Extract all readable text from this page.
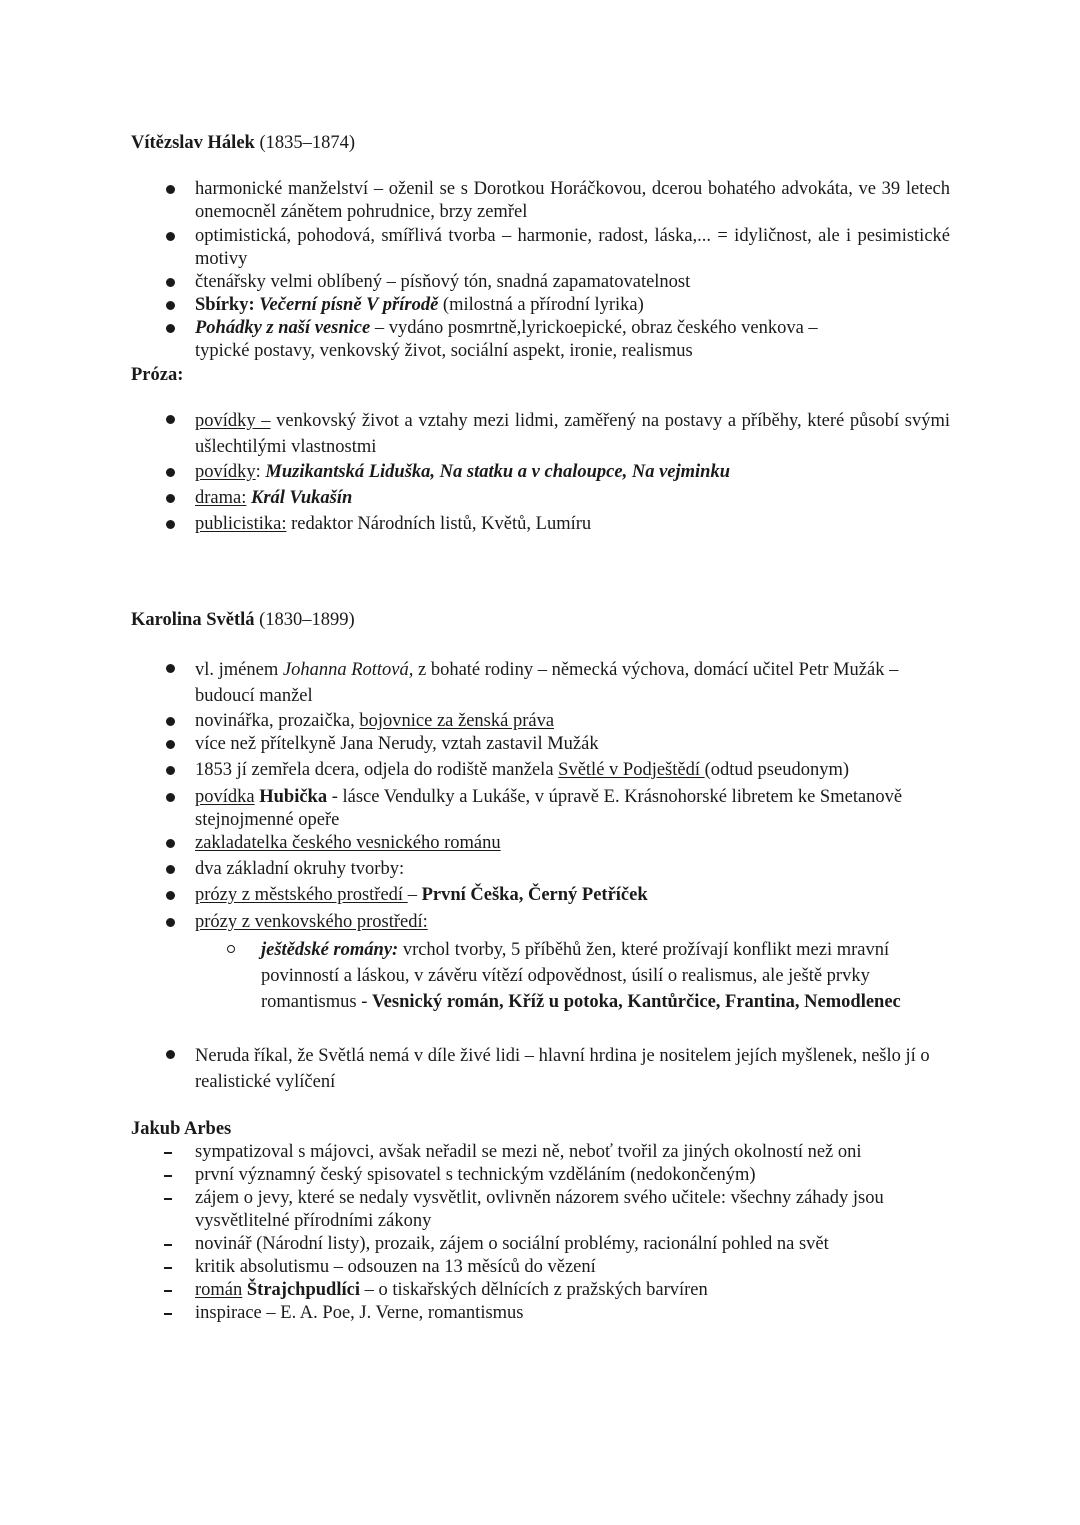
Vítězslav Hálek (1835–1874)
harmonické manželství – oženil se s Dorotkou Horáčkovou, dcerou bohatého advokáta, ve 39 letech onemocněl zánětem pohrudnice, brzy zemřel
optimistická, pohodová, smířlivá tvorba – harmonie, radost, láska,... = idyličnost, ale i pesimistické motivy
čtenářsky velmi oblíbený – písňový tón, snadná zapamatovatelnost
Sbírky: Večerní písně V přírodě (milostná a přírodní lyrika)
Pohádky z naší vesnice – vydáno posmrtně,lyrickoepické, obraz českého venkova –
typické postavy, venkovský život, sociální aspekt, ironie, realismus
Próza:
povídky – venkovský život a vztahy mezi lidmi, zaměřený na postavy a příběhy, které působí svými ušlechtilými vlastnostmi
povídky: Muzikantská Liduška, Na statku a v chaloupce, Na vejminku
drama: Král Vukašín
publicistika: redaktor Národních listů, Květů, Lumíru
Karolina Světlá (1830–1899)
vl. jménem Johanna Rottová, z bohaté rodiny – německá výchova, domácí učitel Petr Mužák – budoucí manžel
novinářka, prozaička, bojovnice za ženská práva
více než přítelkyně Jana Nerudy, vztah zastavil Mužák
1853 jí zemřela dcera, odjela do rodiště manžela Světlé v Podještědí (odtud pseudonym)
povídka Hubička - lásce Vendulky a Lukáše, v úpravě E. Krásnohorské libretem ke Smetanově stejnojmenné opeře
zakladatelka českého vesnického románu
dva základní okruhy tvorby:
prózy z městského prostředí – První Češka, Černý Petříček
prózy z venkovského prostředí:
ještědské romány: vrchol tvorby, 5 příběhů žen, které prožívají konflikt mezi mravní povinností a láskou, v závěru vítězí odpovědnost, úsilí o realismus, ale ještě prvky romantismus - Vesnický román, Kříž u potoka, Kantůrčice, Frantina, Nemodlenec
Neruda říkal, že Světlá nemá v díle živé lidi – hlavní hrdina je nositelem jejích myšlenek, nešlo jí o realistické vylíčení
Jakub Arbes
sympatizoval s májovci, avšak neřadil se mezi ně, neboť tvořil za jiných okolností než oni
první významný český spisovatel s technickým vzděláním (nedokončeným)
zájem o jevy, které se nedaly vysvětlit, ovlivněn názorem svého učitele: všechny záhady jsou vysvětlitelné přírodními zákony
novinář (Národní listy), prozaik, zájem o sociální problémy, racionální pohled na svět
kritik absolutismu – odsouzen na 13 měsíců do vězení
román Štrajchpudlíci – o tiskařských dělnících z pražských barvíren
inspirace – E. A. Poe, J. Verne, romantismus
